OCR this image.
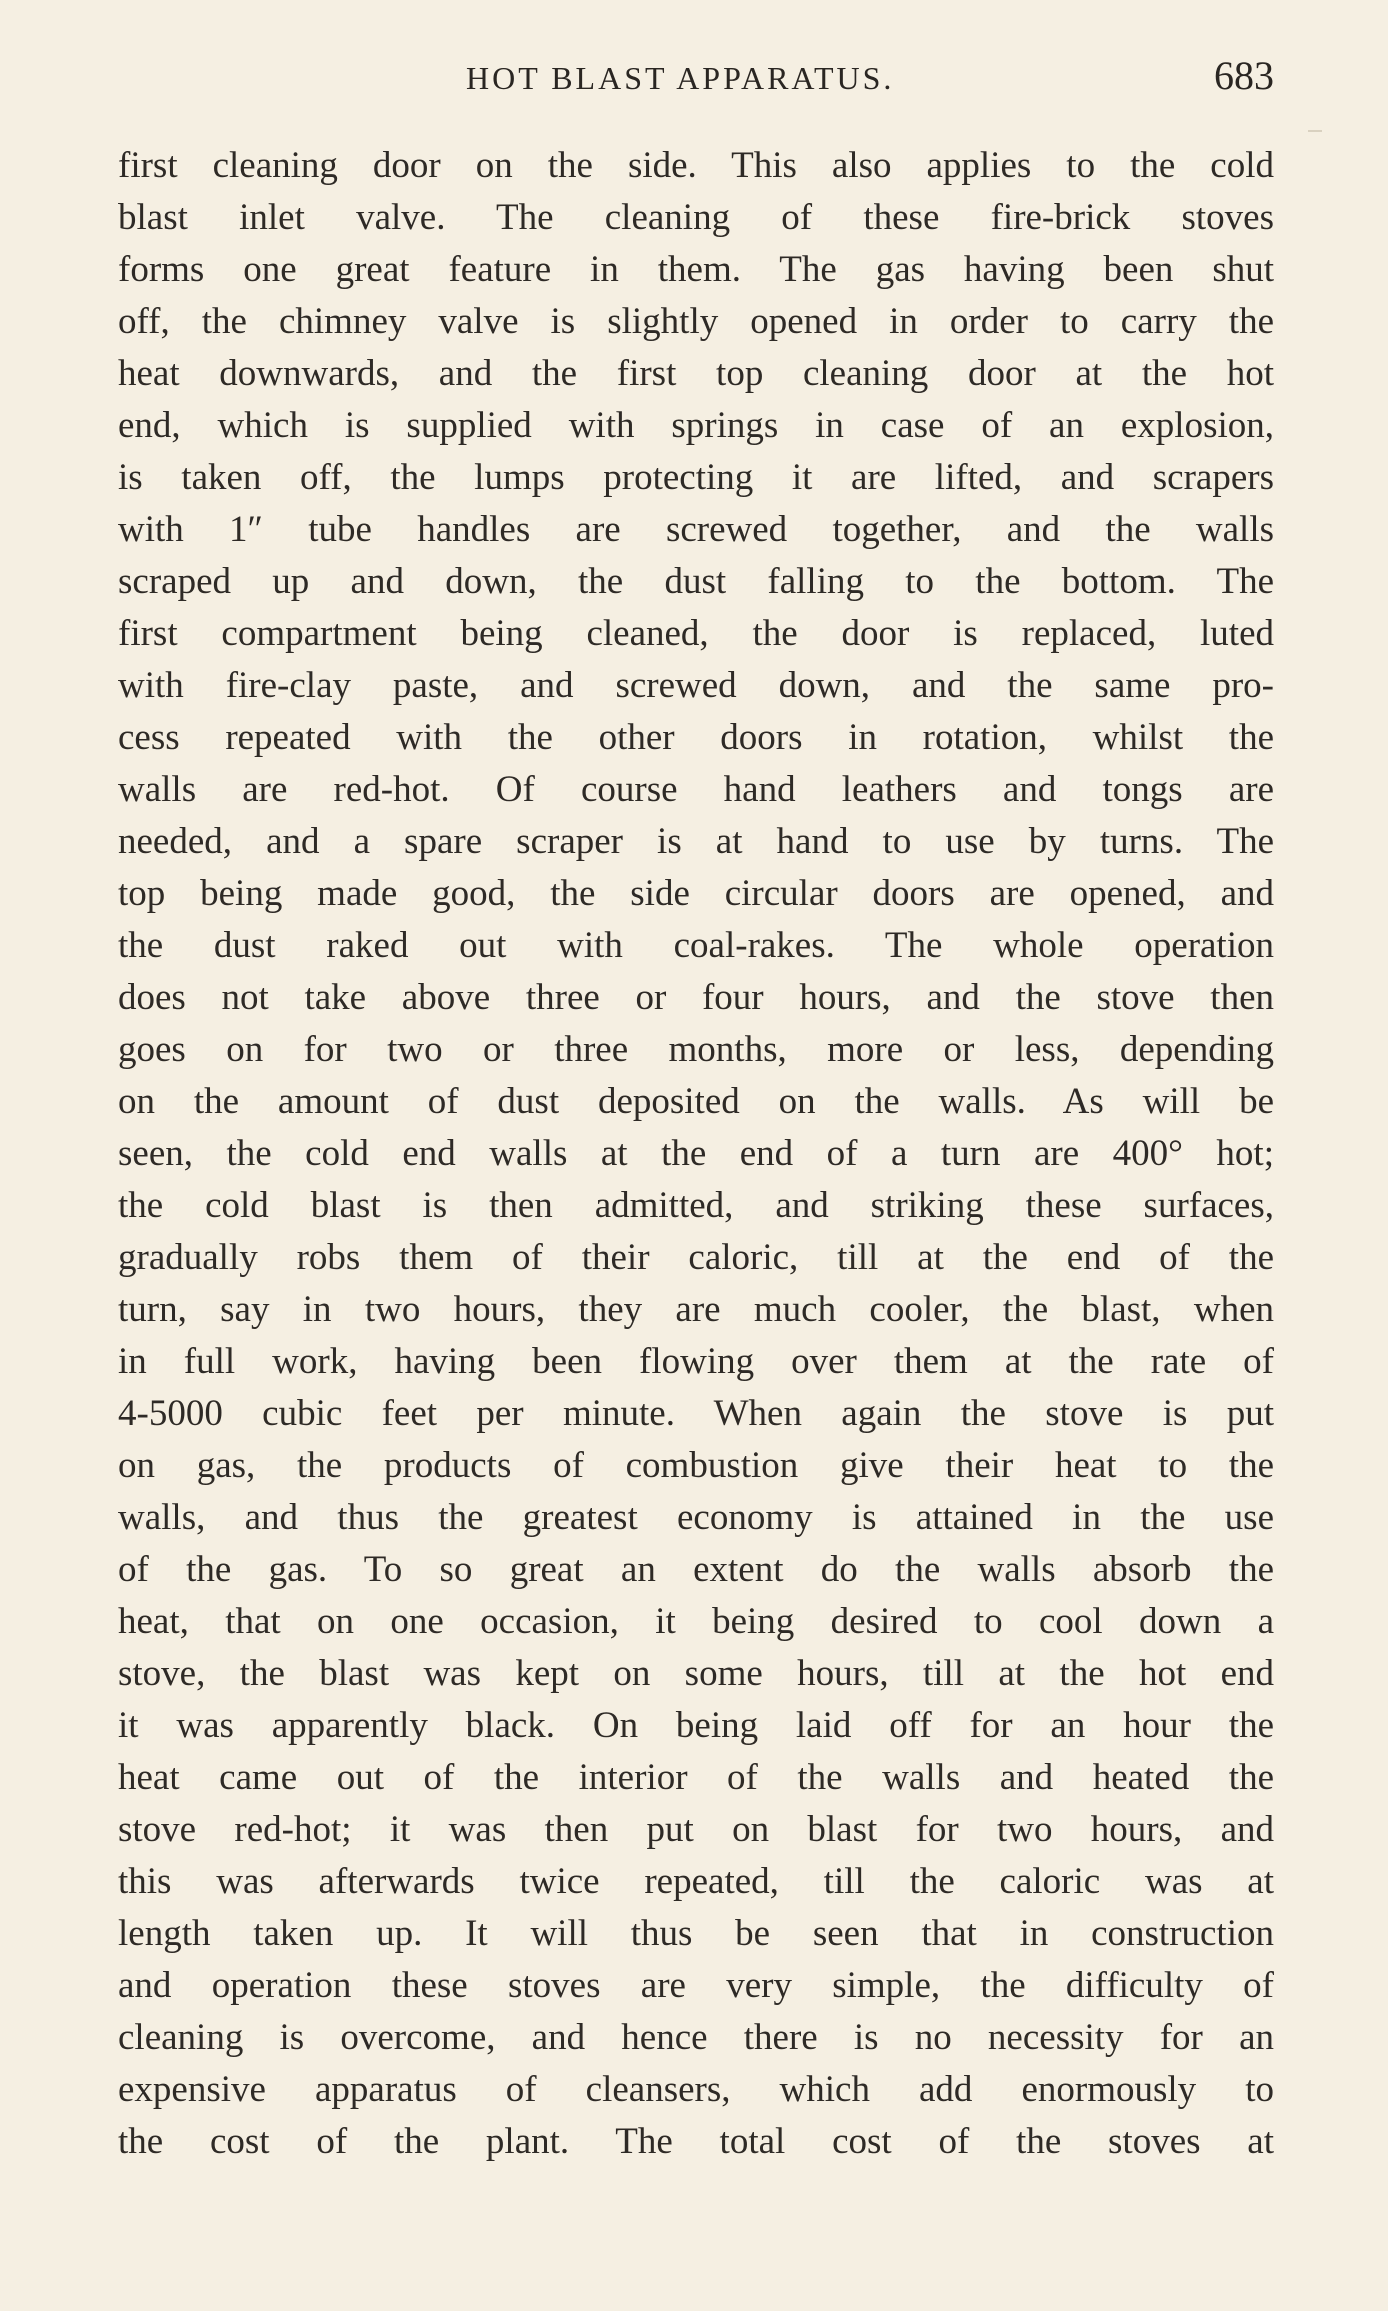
HOT BLAST APPARATUS.	683
first cleaning door on the side. This also applies to the cold
blast inlet valve. The cleaning of these fire-brick stoves
forms one great feature in them. The gas having been shut
off, the chimney valve is slightly opened in order to carry the
heat downwards, and the first top cleaning door at the hot
end, which is supplied with springs in case of an explosion,
is taken off, the lumps protecting it are lifted, and scrapers
with 1″ tube handles are screwed together, and the walls
scraped up and down, the dust falling to the bottom. The
first compartment being cleaned, the door is replaced, luted
with fire-clay paste, and screwed down, and the same pro-
cess repeated with the other doors in rotation, whilst the
walls are red-hot. Of course hand leathers and tongs are
needed, and a spare scraper is at hand to use by turns. The
top being made good, the side circular doors are opened, and
the dust raked out with coal-rakes. The whole operation
does not take above three or four hours, and the stove then
goes on for two or three months, more or less, depending
on the amount of dust deposited on the walls. As will be
seen, the cold end walls at the end of a turn are 400° hot;
the cold blast is then admitted, and striking these surfaces,
gradually robs them of their caloric, till at the end of the
turn, say in two hours, they are much cooler, the blast, when
in full work, having been flowing over them at the rate of
4-5000 cubic feet per minute. When again the stove is put
on gas, the products of combustion give their heat to the
walls, and thus the greatest economy is attained in the use
of the gas. To so great an extent do the walls absorb the
heat, that on one occasion, it being desired to cool down a
stove, the blast was kept on some hours, till at the hot end
it was apparently black. On being laid off for an hour the
heat came out of the interior of the walls and heated the
stove red-hot; it was then put on blast for two hours, and
this was afterwards twice repeated, till the caloric was at
length taken up. It will thus be seen that in construction
and operation these stoves are very simple, the difficulty of
cleaning is overcome, and hence there is no necessity for an
expensive apparatus of cleansers, which add enormously to
the cost of the plant. The total cost of the stoves at
